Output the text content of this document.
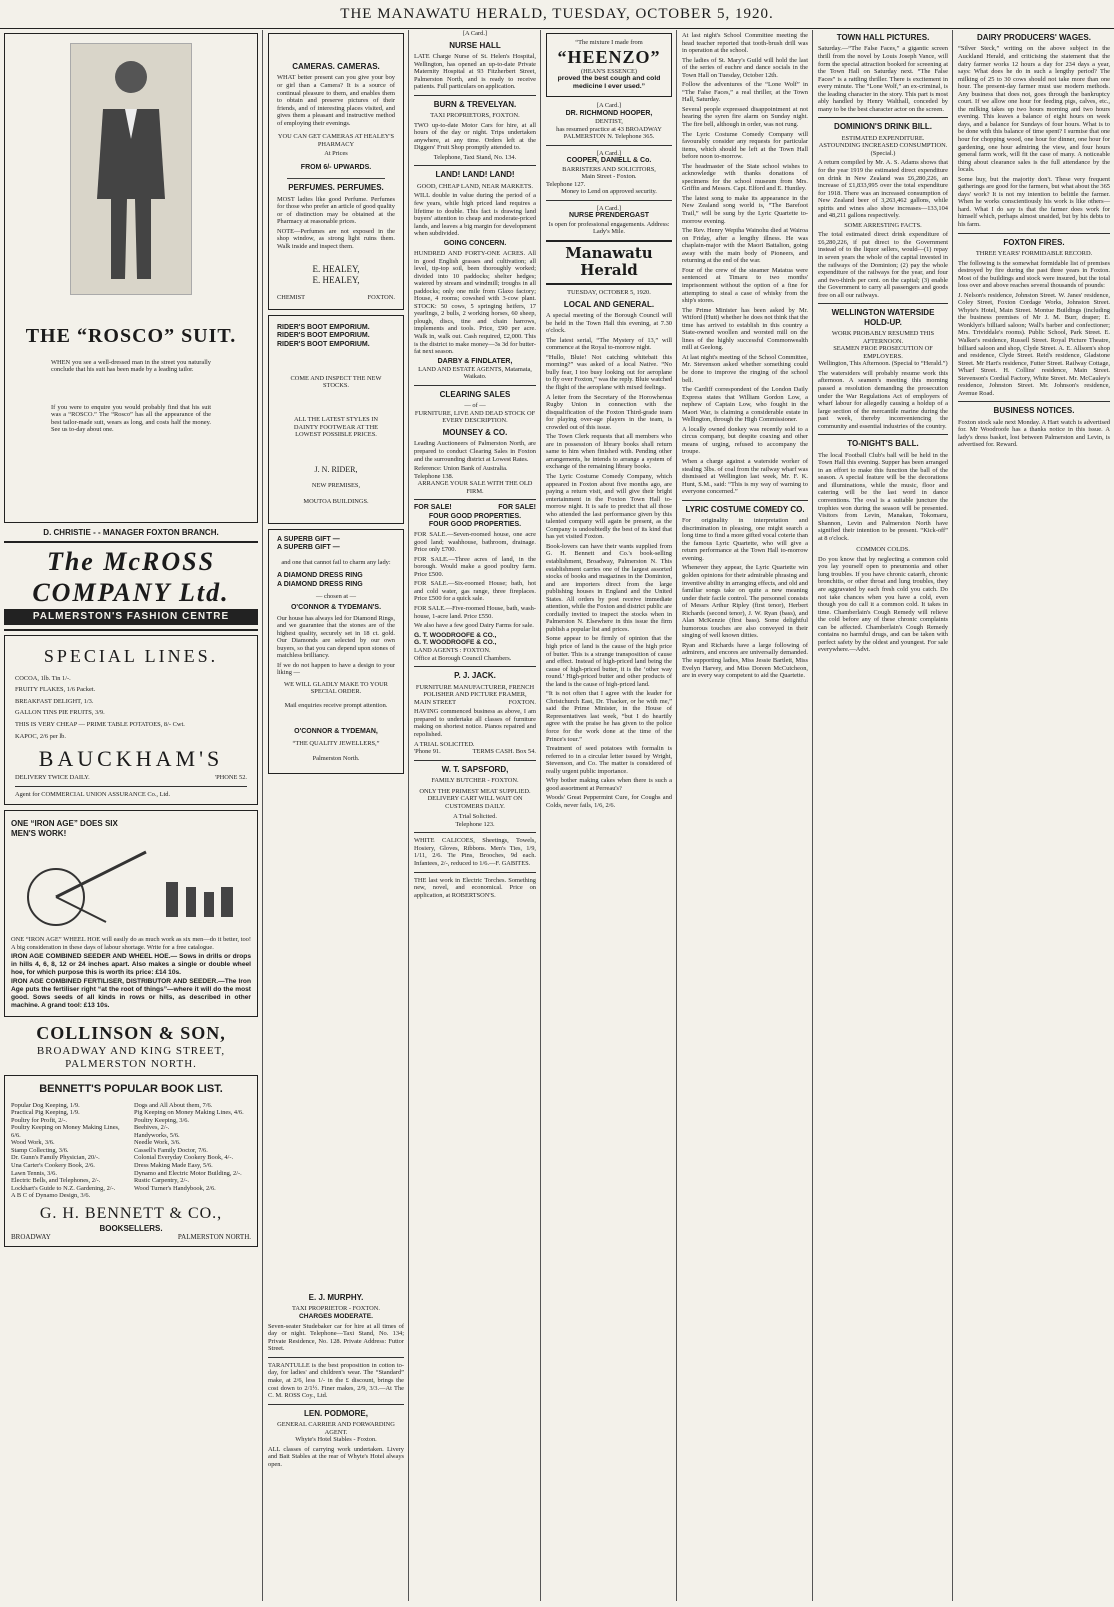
THE MANAWATU HERALD, TUESDAY, OCTOBER 5, 1920.
THE “ROSCO” SUIT.

WHEN you see a well-dressed man in the street you naturally conclude that his suit has been made by a leading tailor.

If you were to enquire you would probably find that his suit was a “ROSCO.” The “Rosco” has all the appearance of the best tailor-made suit, wears as long, and costs half the money. See us to-day about one.

D. CHRISTIE - - MANAGER FOXTON BRANCH.
The McROSS COMPANY Ltd.
PALMERSTON'S FASHION CENTRE
SPECIAL LINES.
COCOA, 1lb. Tin 1/-.
FRUITY FLAKES, 1/6 Packet.
BREAKFAST DELIGHT, 1/3.
GALLON TINS PIE FRUITS, 3/9.
THIS IS VERY CHEAP — PRIME TABLE POTATOES, 8/- Cwt.
KAPOC, 2/6 per lb.
BAUCKHAM'S
DELIVERY TWICE DAILY.	'PHONE 52.
Agent for COMMERCIAL UNION ASSURANCE Co., Ltd.
ONE “IRON AGE” DOES SIX MEN'S WORK!

ONE “IRON AGE” WHEEL HOE will easily do as much work as six men—do it better, too! A big consideration in these days of labour shortage. Write for a free catalogue.

IRON AGE COMBINED SEEDER AND WHEEL HOE.— Sows in drills or drops in hills 4, 6, 8, 12 or 24 inches apart. Also makes a single or double wheel hoe, for which purpose this is worth its price: £14 10s.

IRON AGE COMBINED FERTILISER, DISTRIBUTOR AND SEEDER.—The Iron Age puts the fertiliser right “at the root of things”—where it will do the most good. Sows seeds of all kinds in rows or hills, as described in other machine. A grand tool: £13 10s.

COLLINSON & SON,
BROADWAY AND KING STREET, PALMERSTON NORTH.
BENNETT'S POPULAR BOOK LIST.
Popular Dog Keeping, 1/9.
Practical Pig Keeping, 1/9.
Poultry for Profit, 2/-.
Poultry Keeping on Money Making Lines, 6/6.
Wood Work, 3/6.
Stamp Collecting, 3/6.
Dr. Gunn's Family Physician, 20/-.
Una Carter's Cookery Book, 2/6.
Lawn Tennis, 3/6.
Electric Bells, and Telephones, 2/-.
Lockhart's Guide to N.Z. Gardening, 2/-.
A B C of Dynamo Design, 3/6.
Dogs and All About them, 7/6.
Pig Keeping on Money Making Lines, 4/6.
Poultry Keeping, 3/6.
Beehives, 2/-.
Handyworks, 5/6.
Needle Work, 3/6.
Cassell's Family Doctor, 7/6.
Colonial Everyday Cookery Book, 4/-.
Dress Making Made Easy, 5/6.
Dynamo and Electric Motor Building, 2/-.
Rustic Carpentry, 2/-.
Wood Turner's Handybook, 2/6.
G. H. BENNETT & CO.,
BOOKSELLERS.
BROADWAY	PALMERSTON NORTH.
CAMERAS. CAMERAS.

WHAT better present can you give your boy or girl than a Camera? It is a source of continual pleasure to them, and enables them to obtain and preserve pictures of their friends, and of interesting places visited, and gives them a pleasant and instructive method of employing their evenings.

YOU CAN GET CAMERAS AT HEALEY'S PHARMACY

At Prices
FROM 6/- UPWARDS.
PERFUMES. PERFUMES.

MOST ladies like good Perfume. Perfumes for those who prefer an article of good quality or of distinction may be obtained at the Pharmacy at reasonable prices.

NOTE—Perfumes are not exposed in the shop window, as strong light ruins them. Walk inside and inspect them.

E. HEALEY,
E. HEALEY,
CHEMIST	FOXTON.
RIDER'S BOOT EMPORIUM.
RIDER'S BOOT EMPORIUM.
RIDER'S BOOT EMPORIUM.
COME AND INSPECT THE NEW STOCKS.
ALL THE LATEST STYLES IN DAINTY FOOTWEAR AT THE LOWEST POSSIBLE PRICES.
J. N. RIDER,
NEW PREMISES,
MOUTOA BUILDINGS.
A SUPERB GIFT —
A SUPERB GIFT —
and one that cannot fail to charm any lady:
A DIAMOND DRESS RING
A DIAMOND DRESS RING
— chosen at —
O'CONNOR & TYDEMAN'S.

Our house has always led for Diamond Rings, and we guarantee that the stones are of the highest quality, securely set in 18 ct. gold. Our Diamonds are selected by our own buyers, so that you can depend upon stones of matchless brilliancy.

If we do not happen to have a design to your liking —

WE WILL GLADLY MAKE TO YOUR SPECIAL ORDER.
Mail enquiries receive prompt attention.
O'CONNOR & TYDEMAN,
“THE QUALITY JEWELLERS,”
Palmerston North.
[A Card.]
NURSE HALL

LATE Charge Nurse of St. Helen's Hospital, Wellington, has opened an up-to-date Private Maternity Hospital at 93 Fitzherbert Street, Palmerston North, and is ready to receive patients. Full particulars on application.

BURN & TREVELYAN.
TAXI PROPRIETORS, FOXTON.

TWO up-to-date Motor Cars for hire, at all hours of the day or night. Trips undertaken anywhere, at any time. Orders left at the Diggers' Fruit Shop promptly attended to.

Telephone, Taxi Stand, No. 134.
LAND! LAND! LAND!
GOOD, CHEAP LAND, NEAR MARKETS.

WILL double in value during the period of a few years, while high priced land requires a lifetime to double. This fact is drawing land buyers' attention to cheap and moderate-priced lands, and leaves a big margin for development when subdivided.

GOING CONCERN.

HUNDRED AND FORTY-ONE ACRES. All in good English grasses and cultivation; all level, tip-top soil, been thoroughly worked; divided into 10 paddocks; shelter hedges; watered by stream and windmill; troughs in all paddocks; only one mile from Glaxo factory; House, 4 rooms; cowshed with 3-cow plant. STOCK: 50 cows, 5 springing heifers, 17 yearlings, 2 bulls, 2 working horses, 60 sheep, plough, discs, tine and chain harrows, implements and tools. Price, £90 per acre. Walk in, walk out. Cash required, £2,000. This is the district to make money—3s 3d for butter-fat next season.

DARBY & FINDLATER,
LAND AND ESTATE AGENTS, Matamata, Waikato.
CLEARING SALES
— of —
FURNITURE, LIVE AND DEAD STOCK OF EVERY DESCRIPTION.
MOUNSEY & CO.

Leading Auctioneers of Palmerston North, are prepared to conduct Clearing Sales in Foxton and the surrounding district at Lowest Rates.

Reference: Union Bank of Australia.
Telephone 138.
ARRANGE YOUR SALE WITH THE OLD FIRM.
FOR SALE!	FOR SALE!
FOUR GOOD PROPERTIES.
FOUR GOOD PROPERTIES.

FOR SALE.—Seven-roomed house, one acre good land; washhouse, bathroom, drainage. Price only £700.

FOR SALE.—Three acres of land, in the borough. Would make a good poultry farm. Price £500.

FOR SALE.—Six-roomed House; bath, hot and cold water, gas range, three fireplaces. Price £500 for a quick sale.

FOR SALE.—Five-roomed House, bath, wash-house, 1-acre land. Price £550.

We also have a few good Dairy Farms for sale.

G. T. WOODROOFE & CO.,
G. T. WOODROOFE & CO.,
LAND AGENTS : FOXTON.
Office at Borough Council Chambers.
P. J. JACK.
FURNITURE MANUFACTURER, FRENCH POLISHER AND PICTURE FRAMER,
MAIN STREET	FOXTON.

HAVING commenced business as above, I am prepared to undertake all classes of furniture making on shortest notice. Pianos repaired and repolished.

A TRIAL SOLICITED.
'Phone 91.	TERMS CASH. Box 54.
W. T. SAPSFORD,
FAMILY BUTCHER - FOXTON.
ONLY THE PRIMEST MEAT SUPPLIED. DELIVERY CART WILL WAIT ON CUSTOMERS DAILY.
A Trial Solicited.
Telephone 123.

WHITE CALICOES, Sheetings, Towels, Hosiery, Gloves, Ribbons. Men's Ties, 1/9, 1/11, 2/6. Tie Pins, Brooches, 9d each. Infantees, 2/-, reduced to 1/6.—F. GABITES.

THE last work in Electric Torches. Something new, novel, and economical. Price on application, at ROBERTSON'S.

E. J. MURPHY.
TAXI PROPRIETOR - FOXTON.
CHARGES MODERATE.

Seven-seater Studebaker car for hire at all times of day or night. Telephone—Taxi Stand, No. 134; Private Residence, No. 128. Private Address: Futtor Street.

TARANTULLE is the best proposition in cotton to-day, for ladies' and children's wear. The “Standard” make, at 2/6, less 1/- in the £ discount, brings the cost down to 2/1½. Finer makes, 2/9, 3/3.—At The C. M. ROSS Coy., Ltd.

LEN. PODMORE,
GENERAL CARRIER AND FORWARDING AGENT.
Whyte's Hotel Stables - Foxton.

ALL classes of carrying work undertaken. Livery and Bait Stables at the rear of Whyte's Hotel always open.

“The mixture I made from
“HEENZO”
(HEAN'S ESSENCE)
proved the best cough and cold medicine I ever used.”
[A Card.]
DR. RICHMOND HOOPER,
DENTIST,
has resumed practice at 43 BROADWAY PALMERSTON N. Telephone 365.
[A Card.]
COOPER, DANIELL & Co.
BARRISTERS AND SOLICITORS,
Main Street - Foxton.
Telephone 127.
Money to Lend on approved security.
[A Card.]
NURSE PRENDERGAST
Is open for professional engagements. Address: Lady's Mile.
Manawatu Herald
TUESDAY, OCTOBER 5, 1920.
LOCAL AND GENERAL.

A special meeting of the Borough Council will be held in the Town Hall this evening, at 7.30 o'clock.

The latest serial, “The Mystery of 13,” will commence at the Royal to-morrow night.

“Hullo, Bluie! Not catching whitebait this morning?” was asked of a local Native. “No bully fear, I too busy looking out for aeroplane to fly over Foxton,” was the reply. Bluie watched the flight of the aeroplane with mixed feelings.

A letter from the Secretary of the Horowhenua Rugby Union in connection with the disqualification of the Foxton Third-grade team for playing over-age players in the team, is crowded out of this issue.

The Town Clerk requests that all members who are in possession of library books shall return same to him when finished with. Pending other arrangements, he intends to arrange a system of exchange of the remaining library books.

The Lyric Costume Comedy Company, which appeared in Foxton about five months ago, are paying a return visit, and will give their bright entertainment in the Foxton Town Hall to-morrow night. It is safe to predict that all those who attended the last performance given by this talented company will again be present, as the Company is undoubtedly the best of its kind that has yet visited Foxton.

Book-lovers can have their wants supplied from G. H. Bennett and Co.'s book-selling establishment, Broadway, Palmerston N. This establishment carries one of the largest assorted stocks of books and magazines in the Dominion, and are importers direct from the large publishing houses in England and the United States. All orders by post receive immediate attention, while the Foxton and district public are cordially invited to inspect the stocks when in Palmerston N. Elsewhere in this issue the firm publish a popular list and prices.

Some appear to be firmly of opinion that the high price of land is the cause of the high price of butter. This is a strange transposition of cause and effect. Instead of high-priced land being the cause of high-priced butter, it is the ‘other way round.’ High-priced butter and other products of the land is the cause of high-priced land.

“It is not often that I agree with the leader for Christchurch East, Dr. Thacker, or he with me,” said the Prime Minister, in the House of Representatives last week, “but I do heartily agree with the praise he has given to the police force for the work done at the time of the Prince's tour.”

Treatment of seed potatoes with formalin is referred to in a circular letter issued by Wright, Stevenson, and Co. The matter is considered of really urgent public importance.

Why bother making cakes when there is such a good assortment at Perreau's?

Woods' Great Peppermint Cure, for Coughs and Colds, never fails, 1/6, 2/6.

At last night's School Committee meeting the head teacher reported that tooth-brush drill was in operation at the school.

The ladies of St. Mary's Guild will hold the last of the series of euchre and dance socials in the Town Hall on Tuesday, October 12th.

Follow the adventures of the “Lone Wolf” in “The False Faces,” a real thriller, at the Town Hall, Saturday.

Several people expressed disappointment at not hearing the syren fire alarm on Sunday night. The fire bell, although in order, was not rung.

The Lyric Costume Comedy Company will favourably consider any requests for particular items, which should be left at the Town Hall before noon to-morrow.

The headmaster of the State school wishes to acknowledge with thanks donations of specimens for the school museum from Mrs. Griffin and Messrs. Capt. Elford and E. Huntley.

The latest song to make its appearance in the New Zealand song world is, “The Barefoot Trail,” will be sung by the Lyric Quartette to-morrow evening.

The Rev. Henry Wepiha Wainohu died at Wairoa on Friday, after a lengthy illness. He was chaplain-major with the Maori Battalion, going away with the main body of Pioneers, and returning at the end of the war.

Four of the crew of the steamer Matatua were sentenced at Timaru to two months' imprisonment without the option of a fine for attempting to steal a case of whisky from the ship's stores.

The Prime Minister has been asked by Mr. Witford (Hutt) whether he does not think that the time has arrived to establish in this country a State-owned woollen and worsted mill on the lines of the highly successful Commonwealth mill at Geelong.

At last night's meeting of the School Committee, Mr. Stevenson asked whether something could be done to improve the ringing of the school bell.

The Cardiff correspondent of the London Daily Express states that William Gordon Low, a nephew of Captain Low, who fought in the Maori War, is claiming a considerable estate in Wellington, through the High Commissioner.

A locally owned donkey was recently sold to a circus company, but despite coaxing and other means of urging, refused to accompany the troupe.

When a charge against a waterside worker of stealing 3lbs. of coal from the railway wharf was dismissed at Wellington last week, Mr. F. K. Hunt, S.M., said: “This is my way of warning to everyone concerned.”

LYRIC COSTUME COMEDY CO.

For originality in interpretation and discrimination in pleasing, one might search a long time to find a more gifted vocal coterie than the famous Lyric Quartette, who will give a return performance at the Town Hall to-morrow evening.

Whenever they appear, the Lyric Quartette win golden opinions for their admirable phrasing and inventive ability in arranging effects, and old and familiar songs take on quite a new meaning under their facile control. The personnel consists of Messrs Arthur Ripley (first tenor), Herbert Richards (second tenor), J. W. Ryan (bass), and Alan McKenzie (first bass). Some delightful humorous touches are also conveyed in their singing of well known ditties.

Ryan and Richards have a large following of admirers, and encores are universally demanded. The supporting ladies, Miss Jessie Bartlett, Miss Evelyn Harvey, and Miss Doreen McCutcheon, are in every way competent to aid the Quartette.

TOWN HALL PICTURES.

Saturday.—“The False Faces,” a gigantic screen thrill from the novel by Louis Joseph Vance, will form the special attraction booked for screening at the Town Hall on Saturday next. “The False Faces” is a rattling thriller. There is excitement in every minute. The “Lone Wolf,” an ex-criminal, is the leading character in the story. This part is most ably handled by Henry Walthall, conceded by many to be the best character actor on the screen.

DOMINION'S DRINK BILL.
ESTIMATED EXPENDITURE.
ASTOUNDING INCREASED CONSUMPTION.
(Special.)

A return compiled by Mr. A. S. Adams shows that for the year 1919 the estimated direct expenditure on drink in New Zealand was £6,280,226, an increase of £1,833,995 over the total expenditure for 1918. There was an increased consumption of New Zealand beer of 3,263,462 gallons, while spirits and wines also show increases—133,104 and 48,211 gallons respectively.

SOME ARRESTING FACTS.

The total estimated direct drink expenditure of £6,280,226, if put direct to the Government instead of to the liquor sellers, would—(1) repay in seven years the whole of the capital invested in the railways of the Dominion; (2) pay the whole expenditure of the railways for the year, and four and two-thirds per cent. on the capital; (3) enable the Government to carry all passengers and goods free on all our railways.

WELLINGTON WATERSIDE HOLD-UP.
WORK PROBABLY RESUMED THIS AFTERNOON.
SEAMEN FROE PROSECUTION OF EMPLOYERS.
Wellington, This Afternoon. (Special to “Herald.”)

The watersiders will probably resume work this afternoon. A seamen's meeting this morning passed a resolution demanding the prosecution under the War Regulations Act of employers of wharf labour for allegedly causing a holdup of a large section of the mercantile marine during the past week, thereby inconveniencing the community and essential industries of the country.

TO-NIGHT'S BALL.

The local Football Club's ball will be held in the Town Hall this evening. Supper has been arranged in an effort to make this function the ball of the season. A special feature will be the decorations and illuminations, while the music, floor and catering will be the last word in dance conventions. The oval is a suitable juncture the trophies won during the season will be presented. Visitors from Levin, Manakau, Tokomaru, Shannon, Levin and Palmerston North have signified their intention to be present. “Kick-off” at 8 o'clock.

COMMON COLDS.

Do you know that by neglecting a common cold you lay yourself open to pneumonia and other lung troubles. If you have chronic catarrh, chronic bronchitis, or other throat and lung troubles, they are aggravated by each fresh cold you catch. Do not take chances when you have a cold, even though you do call it a common cold. It takes in time. Chamberlain's Cough Remedy will relieve the cold before any of these chronic complaints can be affected. Chamberlain's Cough Remedy contains no harmful drugs, and can be taken with perfect safety by the oldest and youngest. For sale everywhere.—Advt.

DAIRY PRODUCERS' WAGES.

“Silver Steck,” writing on the above subject in the Auckland Herald, and criticising the statement that the dairy farmer works 12 hours a day for 234 days a year, says: What does he do in such a lengthy period? The milking of 25 to 30 cows should not take more than one hour. The present-day farmer must use modern methods. Any business that does not, goes through the bankruptcy court. If we allow one hour for feeding pigs, calves, etc., the milking takes up two hours morning and two hours evening. This leaves a balance of eight hours on week days, and a balance for Sundays of four hours. What is to be done with this balance of time spent? I surmise that one hour for chopping wood, one hour for dinner, one hour for gardening, one hour admiring the view, and four hours general farm work, will fit the case of many. A noticeable thing about clearance sales is the full attendance by the locals.

Some buy, but the majority don't. These very frequent gatherings are good for the farmers, but what about the 365 days' work? It is not my intention to belittle the farmer. When he works conscientiously his work is like others—hard. What I do say is that the farmer does work for himself which, perhaps almost unaided, but by his debts to his farm.

FOXTON FIRES.
THREE YEARS' FORMIDABLE RECORD.

The following is the somewhat formidable list of premises destroyed by fire during the past three years in Foxton. Most of the buildings and stock were insured, but the total loss over and above reaches several thousands of pounds:

J. Nelson's residence, Johnston Street. W. Janes' residence, Coley Street, Foxton Cordage Works, Johnston Street. Whyte's Hotel, Main Street. Montue Buildings (including the business premises of Mr J. M. Burr, draper; E. Wonklyn's billiard saloon; Wall's barber and confectioner; Mrs. Trividdale's rooms). Public School, Park Street. E. Walker's residence, Russell Street. Royal Picture Theatre, billiard saloon and shop, Clyde Street. A. E. Allsorn's shop and residence, Clyde Street. Reid's residence, Gladstone Street. Mr Hart's residence, Futter Street. Railway Cottage, Wharf Street. H. Collins' residence, Main Street. Stevenson's Cordial Factory, White Street. Mr. McCauley's residence, Johnston Street. Mr. Johnson's residence, Avenue Road.

BUSINESS NOTICES.

Foxton stock sale next Monday. A Hart watch is advertised for. Mr Woodroofe has a thanks notice in this issue. A lady's dress basket, lost between Palmerston and Levin, is advertised for. Reward.
